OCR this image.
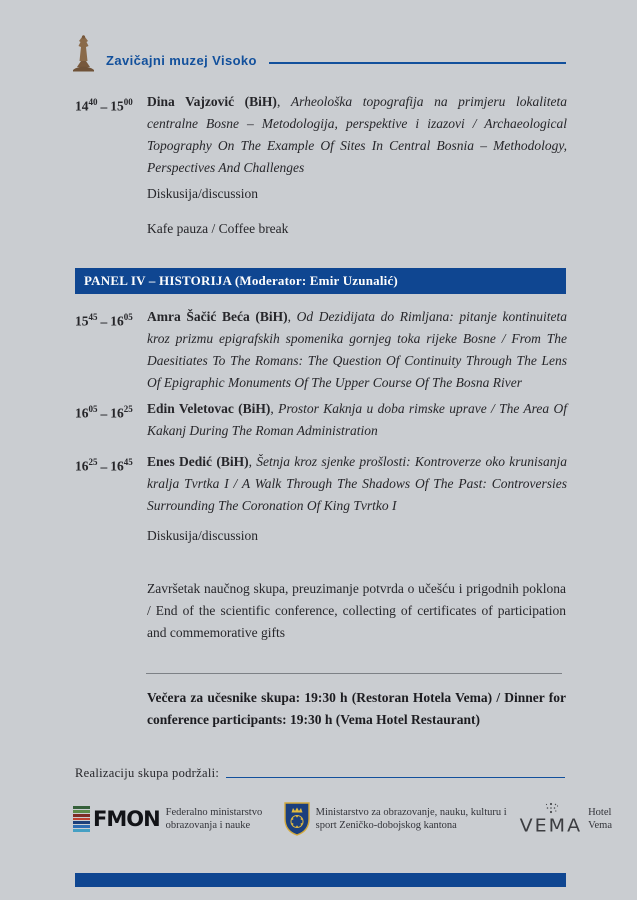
Zavičajni muzej Visoko
$14^{40} - 15^{00}$	Dina Vajzović (BiH), Arheološka topografija na primjeru lokaliteta centralne Bosne – Metodologija, perspektive i izazovi / Archaeological Topography On The Example Of Sites In Central Bosnia – Methodology, Perspectives And Challenges
Diskusija/discussion
Kafe pauza / Coffee break
PANEL IV – HISTORIJA (Moderator: Emir Uzunalić)
$15^{45} - 16^{05}$	Amra Šačić Beća (BiH), Od Dezidijata do Rimljana: pitanje kontinuiteta kroz prizmu epigrafskih spomenika gornjeg toka rijeke Bosne / From The Daesitiates To The Romans: The Question Of Continuity Through The Lens Of Epigraphic Monuments Of The Upper Course Of The Bosna River
$16^{05} - 16^{25}$	Edin Veletovac (BiH), Prostor Kaknja u doba rimske uprave / The Area Of Kakanj During The Roman Administration
$16^{25} - 16^{45}$	Enes Dedić (BiH), Šetnja kroz sjenke prošlosti: Kontroverze oko krunisanja kralja Tvrtka I / A Walk Through The Shadows Of The Past: Controversies Surrounding The Coronation Of King Tvrtko I
Diskusija/discussion
Završetak naučnog skupa, preuzimanje potvrda o učešću i prigodnih poklona / End of the scientific conference, collecting of certificates of participation and commemorative gifts
Večera za učesnike skupa: 19:30 h (Restoran Hotela Vema) / Dinner for conference participants: 19:30 h (Vema Hotel Restaurant)
Realizaciju skupa podržali:
FMON Federalno ministarstvo obrazovanja i nauke
Ministarstvo za obrazovanje, nauku, kulturu i sport Zeničko-dobojskog kantona	VEMA
Hotel Vema
